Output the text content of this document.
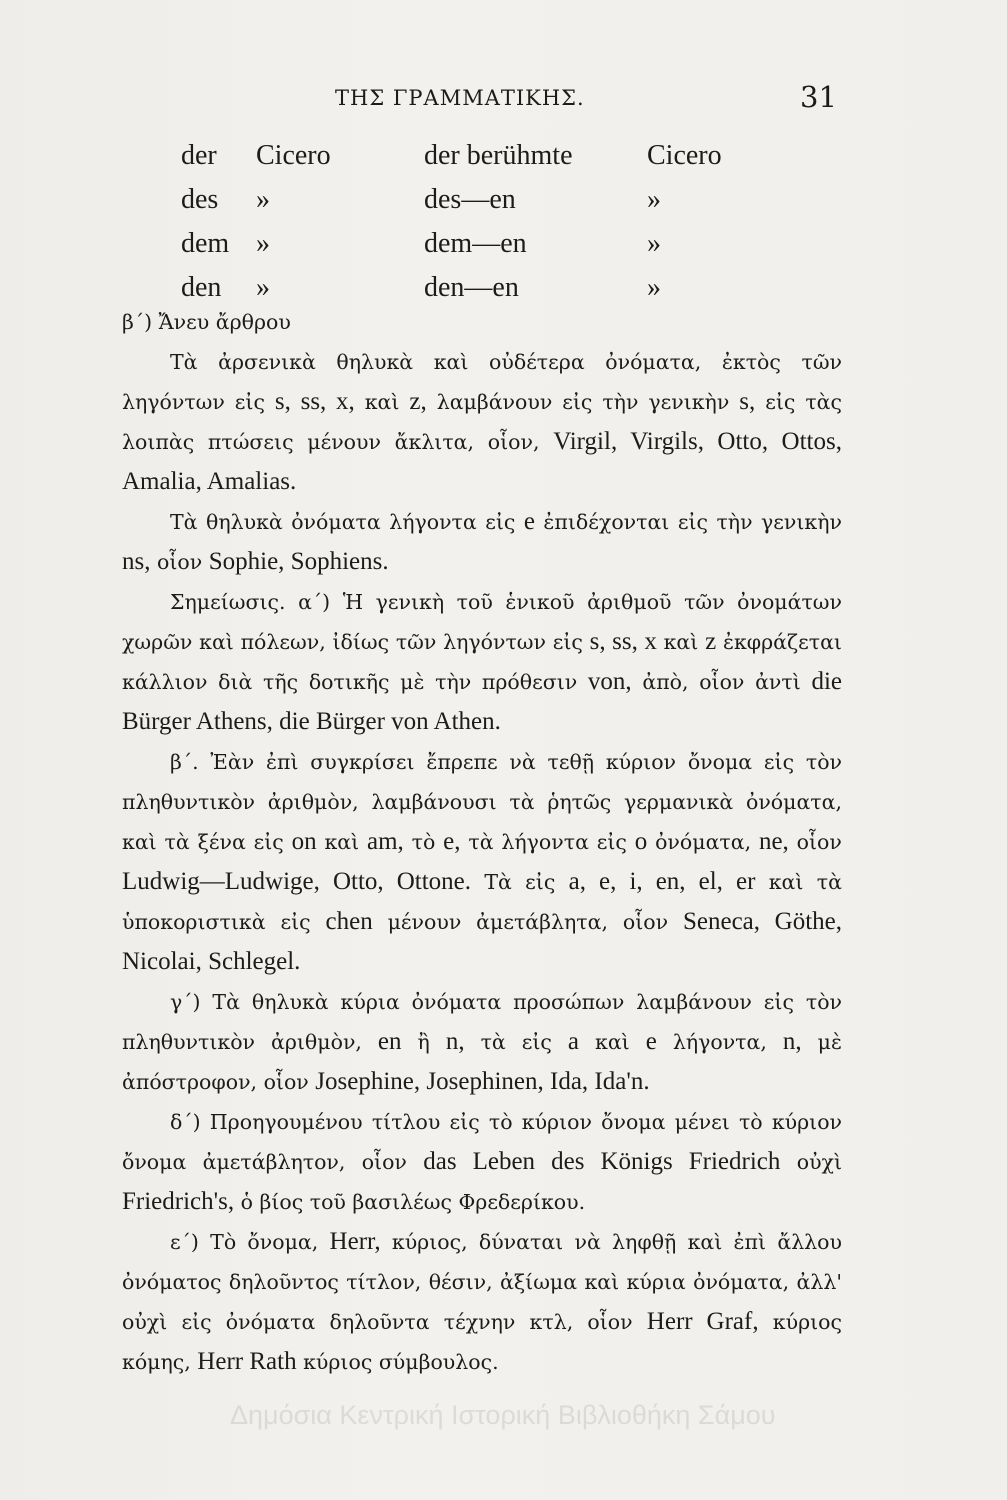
ΤΗΣ ΓΡΑΜΜΑΤΙΚΗΣ.	31
der Cicero	der berühmte	Cicero
des »	des—en	»
dem »	dem—en	»
den »	den—en	»

β΄) Ἄνευ ἄρθρου

Τὰ ἀρσενικὰ θηλυκὰ καὶ οὐδέτερα ὀνόματα, ἐκτὸς τῶν ληγόντων εἰς s, ss, x, καὶ z, λαμβάνουν εἰς τὴν γενικὴν s, εἰς τὰς λοιπὰς πτώσεις μένουν ἄκλιτα, οἷον, Virgil, Virgils, Otto, Ottos, Amalia, Amalias.

Τὰ θηλυκὰ ὀνόματα λήγοντα εἰς e ἐπιδέχονται εἰς τὴν γενικὴν ns, οἷον Sophie, Sophiens.

Σημείωσις. α΄) Ἡ γενικὴ τοῦ ἑνικοῦ ἀριθμοῦ τῶν ὀνομάτων χωρῶν καὶ πόλεων, ἰδίως τῶν ληγόντων εἰς s, ss, x καὶ z ἐκφράζεται κάλλιον διὰ τῆς δοτικῆς μὲ τὴν πρόθεσιν von, ἀπὸ, οἷον ἀντὶ die Bürger Athens, die Bürger von Athen.

β΄. Ἐὰν ἐπὶ συγκρίσει ἔπρεπε νὰ τεθῇ κύριον ὄνομα εἰς τὸν πληθυντικὸν ἀριθμὸν, λαμβάνουσι τὰ ῥητῶς γερμανικὰ ὀνόματα, καὶ τὰ ξένα εἰς on καὶ am, τὸ e, τὰ λήγοντα εἰς o ὀνόματα, ne, οἷον Ludwig—Ludwige, Otto, Ottone. Τὰ εἰς a, e, i, en, el, er καὶ τὰ ὑποκοριστικὰ εἰς chen μένουν ἀμετάβλητα, οἷον Seneca, Göthe, Nicolai, Schlegel.

γ΄) Τὰ θηλυκὰ κύρια ὀνόματα προσώπων λαμβάνουν εἰς τὸν πληθυντικὸν ἀριθμὸν, en ἢ n, τὰ εἰς a καὶ e λήγοντα, n, μὲ ἀπόστροφον, οἷον Josephine, Josephinen, Ida, Ida'n.

δ΄) Προηγουμένου τίτλου εἰς τὸ κύριον ὄνομα μένει τὸ κύριον ὄνομα ἀμετάβλητον, οἷον das Leben des Königs Friedrich οὐχὶ Friedrich's, ὁ βίος τοῦ βασιλέως Φρεδερίκου.

ε΄) Τὸ ὄνομα, Herr, κύριος, δύναται νὰ ληφθῇ καὶ ἐπὶ ἄλλου ὀνόματος δηλοῦντος τίτλον, θέσιν, ἀξίωμα καὶ κύρια ὀνόματα, ἀλλ' οὐχὶ εἰς ὀνόματα δηλοῦντα τέχνην κτλ, οἷον Herr Graf, κύριος κόμης, Herr Rath κύριος σύμβουλος.

Δημόσια Κεντρική Ιστορική Βιβλιοθήκη Σάμου
